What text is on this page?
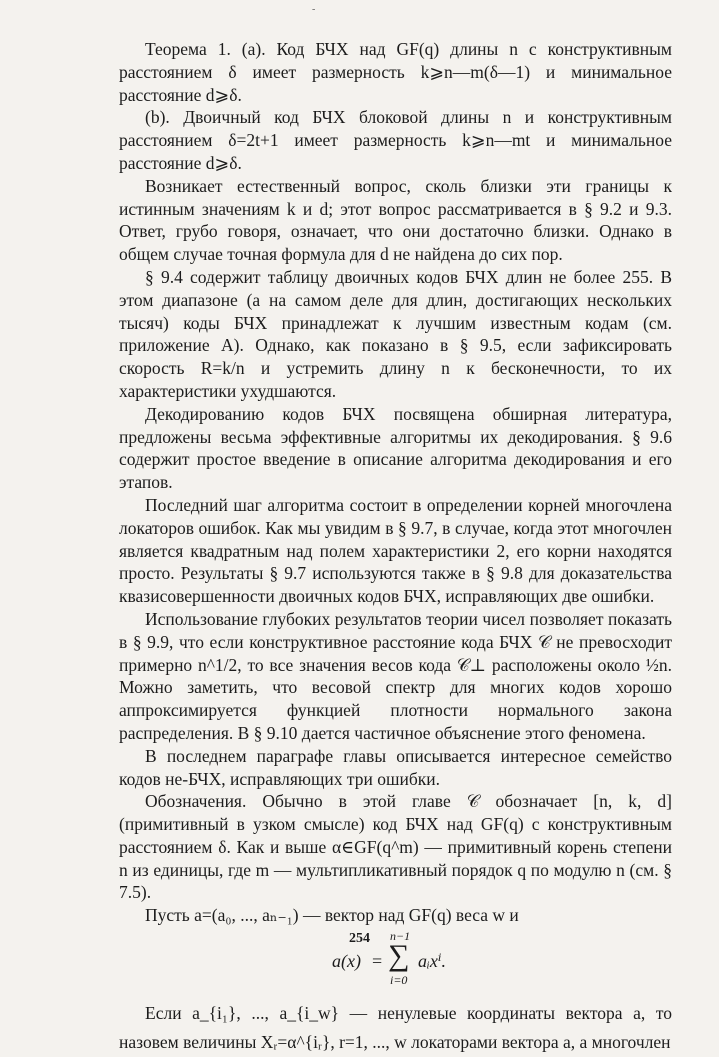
-

Теорема 1. (a). Код БЧХ над GF(q) длины n с конструктивным расстоянием δ имеет размерность k⩾n—m(δ—1) и минимальное расстояние d⩾δ.

(b). Двоичный код БЧХ блоковой длины n и конструктивным расстоянием δ=2t+1 имеет размерность k⩾n—mt и минимальное расстояние d⩾δ.

Возникает естественный вопрос, сколь близки эти границы к истинным значениям k и d; этот вопрос рассматривается в § 9.2 и 9.3. Ответ, грубо говоря, означает, что они достаточно близки. Однако в общем случае точная формула для d не найдена до сих пор.

§ 9.4 содержит таблицу двоичных кодов БЧХ длин не более 255. В этом диапазоне (а на самом деле для длин, достигающих нескольких тысяч) коды БЧХ принадлежат к лучшим известным кодам (см. приложение А). Однако, как показано в § 9.5, если зафиксировать скорость R=k/n и устремить длину n к бесконечности, то их характеристики ухудшаются.

Декодированию кодов БЧХ посвящена обширная литература, предложены весьма эффективные алгоритмы их декодирования. § 9.6 содержит простое введение в описание алгоритма декодирования и его этапов.

Последний шаг алгоритма состоит в определении корней многочлена локаторов ошибок. Как мы увидим в § 9.7, в случае, когда этот многочлен является квадратным над полем характеристики 2, его корни находятся просто. Результаты § 9.7 используются также в § 9.8 для доказательства квазисовершенности двоичных кодов БЧХ, исправляющих две ошибки.

Использование глубоких результатов теории чисел позволяет показать в § 9.9, что если конструктивное расстояние кода БЧХ 𝒞 не превосходит примерно n^1/2, то все значения весов кода 𝒞⊥ расположены около ½n. Можно заметить, что весовой спектр для многих кодов хорошо аппроксимируется функцией плотности нормального закона распределения. В § 9.10 дается частичное объяснение этого феномена.

В последнем параграфе главы описывается интересное семейство кодов не-БЧХ, исправляющих три ошибки.

Обозначения. Обычно в этой главе 𝒞 обозначает [n, k, d] (примитивный в узком смысле) код БЧХ над GF(q) с конструктивным расстоянием δ. Как и выше α∈GF(q^m) — примитивный корень степени n из единицы, где m — мультипликативный порядок q по модулю n (см. § 7.5).

Пусть a=(a₀, ..., aₙ₋₁) — вектор над GF(q) веса w и

a(x) =
n−1
∑
i=0
aᵢxⁱ.

Если a_{i₁}, ..., a_{i_w} — ненулевые координаты вектора a, то назовем величины Xᵣ=α^{iᵣ}, r=1, ..., w локаторами вектора a, а многочлен

254
